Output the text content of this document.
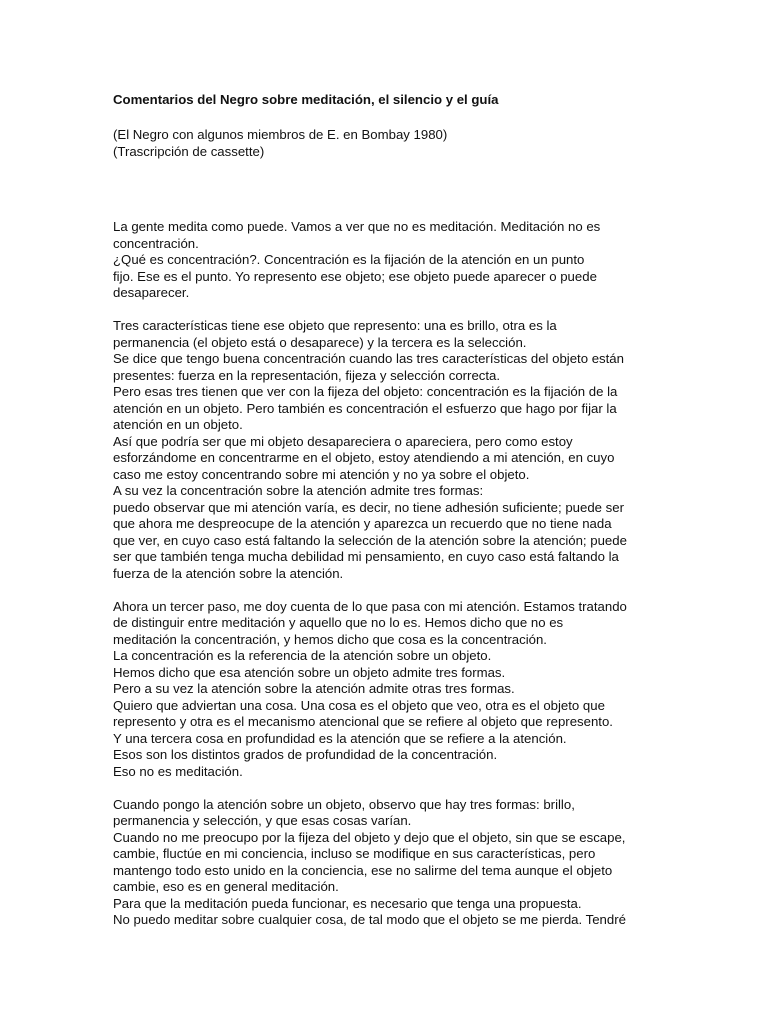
Comentarios del Negro sobre meditación, el silencio y el guía
(El Negro con algunos miembros de E. en Bombay 1980)
(Trascripción de cassette)
La gente medita como puede. Vamos a ver que no es meditación. Meditación no es
concentración.
¿Qué es concentración?. Concentración es la fijación de la atención en un punto
fijo. Ese es el punto. Yo represento ese objeto; ese objeto puede aparecer o puede
desaparecer.
Tres características tiene ese objeto que represento: una es brillo, otra es la
permanencia (el objeto está o desaparece) y la tercera es la selección.
Se dice que tengo buena concentración cuando las tres características del objeto están
presentes: fuerza en la representación, fijeza y selección correcta.
Pero esas tres tienen que ver con la fijeza del objeto: concentración es la fijación de la
atención en un objeto. Pero también es concentración el esfuerzo que hago por fijar la
atención en un objeto.
Así que podría ser que mi objeto desapareciera o apareciera, pero como estoy
esforzándome en concentrarme en el objeto, estoy atendiendo a mi atención, en cuyo
caso me estoy concentrando sobre mi atención y no ya sobre el objeto.
A su vez la concentración sobre la atención admite tres formas:
puedo observar que mi atención varía, es decir, no tiene adhesión suficiente; puede ser
que ahora me despreocupe de la atención y aparezca un recuerdo que no tiene nada
que ver, en cuyo caso está faltando la selección de la atención sobre la atención; puede
ser que también tenga mucha debilidad mi pensamiento, en cuyo caso está faltando la
fuerza de la atención sobre la atención.
Ahora un tercer paso, me doy cuenta de lo que pasa con mi atención. Estamos tratando
de distinguir entre meditación y aquello que no lo es. Hemos dicho que no es
meditación la concentración, y hemos dicho que cosa es la concentración.
La concentración es la referencia de la atención sobre un objeto.
Hemos dicho que esa atención sobre un objeto admite tres formas.
Pero a su vez la atención sobre la atención admite otras tres formas.
Quiero que adviertan una cosa. Una cosa es el objeto que veo, otra es el objeto que
represento y otra es el mecanismo atencional que se refiere al objeto que represento.
Y una tercera cosa en profundidad es la atención que se refiere a la atención.
Esos son los distintos grados de profundidad de la concentración.
Eso no es meditación.
Cuando pongo la atención sobre un objeto, observo que hay tres formas: brillo,
permanencia y selección, y que esas cosas varían.
Cuando no me preocupo por la fijeza del objeto y dejo que el objeto, sin que se escape,
cambie, fluctúe en mi conciencia, incluso se modifique en sus características, pero
mantengo todo esto unido en la conciencia, ese no salirme del tema aunque el objeto
cambie, eso es en general meditación.
Para que la meditación pueda funcionar, es necesario que tenga una propuesta.
No puedo meditar sobre cualquier cosa, de tal modo que el objeto se me pierda. Tendré
